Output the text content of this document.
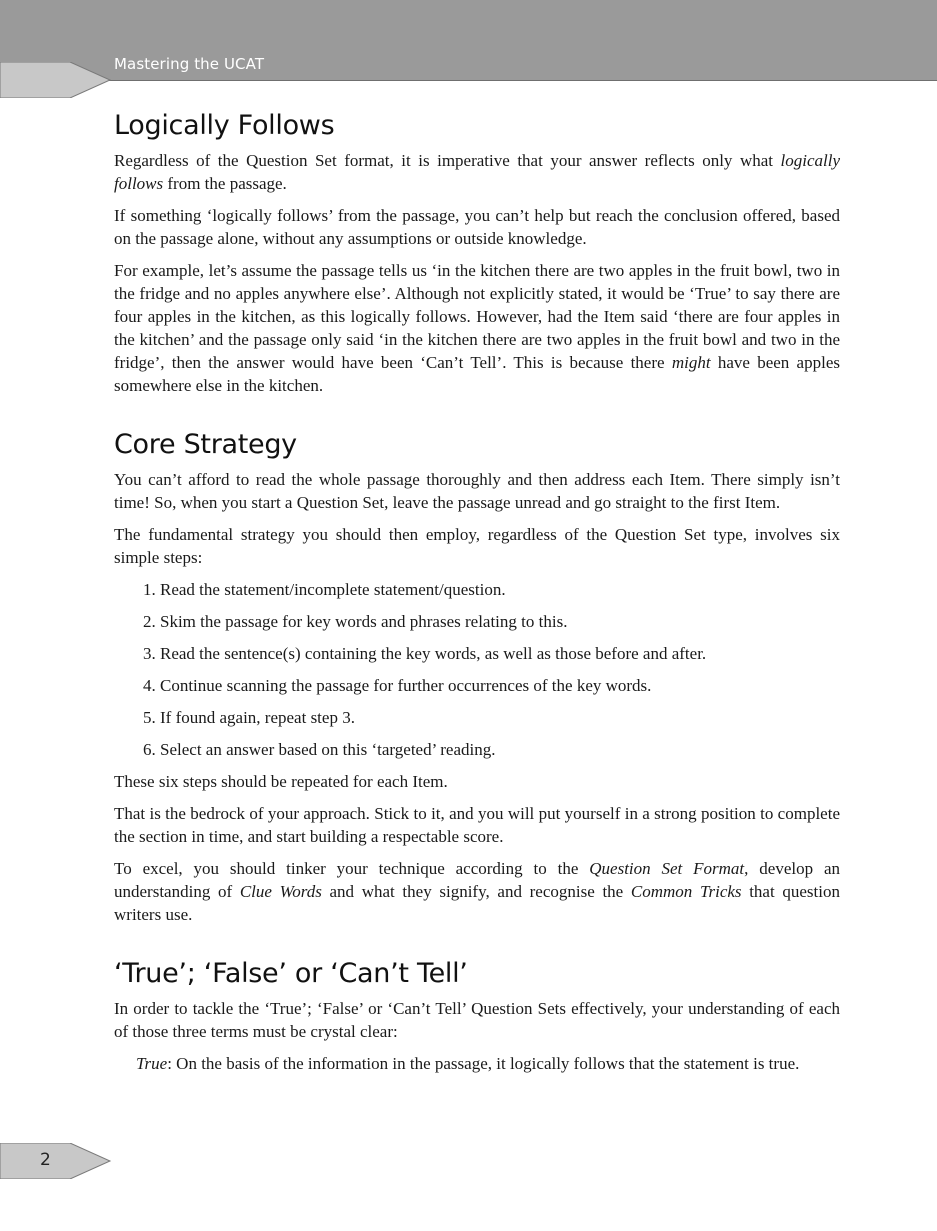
Mastering the UCAT
Logically Follows

Regardless of the Question Set format, it is imperative that your answer reflects only what logically follows from the passage.

If something ‘logically follows’ from the passage, you can’t help but reach the conclusion offered, based on the passage alone, without any assumptions or outside knowledge.

For example, let’s assume the passage tells us ‘in the kitchen there are two apples in the fruit bowl, two in the fridge and no apples anywhere else’. Although not explicitly stated, it would be ‘True’ to say there are four apples in the kitchen, as this logically follows. However, had the Item said ‘there are four apples in the kitchen’ and the passage only said ‘in the kitchen there are two apples in the fruit bowl and two in the fridge’, then the answer would have been ‘Can’t Tell’. This is because there might have been apples somewhere else in the kitchen.

Core Strategy

You can’t afford to read the whole passage thoroughly and then address each Item. There simply isn’t time! So, when you start a Question Set, leave the passage unread and go straight to the first Item.

The fundamental strategy you should then employ, regardless of the Question Set type, involves six simple steps:

1. Read the statement/incomplete statement/question.
2. Skim the passage for key words and phrases relating to this.
3. Read the sentence(s) containing the key words, as well as those before and after.
4. Continue scanning the passage for further occurrences of the key words.
5. If found again, repeat step 3.
6. Select an answer based on this ‘targeted’ reading.

These six steps should be repeated for each Item.

That is the bedrock of your approach. Stick to it, and you will put yourself in a strong position to complete the section in time, and start building a respectable score.

To excel, you should tinker your technique according to the Question Set Format, develop an understanding of Clue Words and what they signify, and recognise the Common Tricks that question writers use.

‘True’; ‘False’ or ‘Can’t Tell’

In order to tackle the ‘True’; ‘False’ or ‘Can’t Tell’ Question Sets effectively, your understanding of each of those three terms must be crystal clear:

True: On the basis of the information in the passage, it logically follows that the statement is true.
2
